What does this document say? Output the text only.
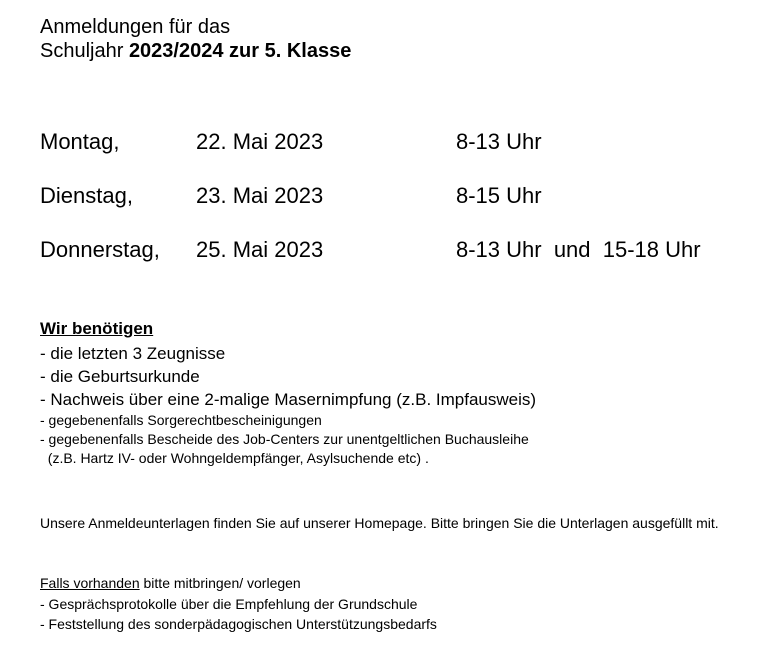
Anmeldungen für das
Schuljahr 2023/2024 zur 5. Klasse
Montag,	22. Mai 2023	8-13 Uhr
Dienstag,	23. Mai 2023	8-15 Uhr
Donnerstag, 25. Mai 2023	8-13 Uhr  und  15-18 Uhr
Wir benötigen
- die letzten 3 Zeugnisse
- die Geburtsurkunde
- Nachweis über eine 2-malige Masernimpfung (z.B. Impfausweis)
- gegebenenfalls Sorgerechtbescheinigungen
- gegebenenfalls Bescheide des Job-Centers zur unentgeltlichen Buchausleihe
(z.B. Hartz IV- oder Wohngeldempfänger, Asylsuchende etc) .
Unsere Anmeldeunterlagen finden Sie auf unserer Homepage. Bitte bringen Sie die Unterlagen ausgefüllt mit.
Falls vorhanden bitte mitbringen/ vorlegen
- Gesprächsprotokolle über die Empfehlung der Grundschule
- Feststellung des sonderpädagogischen Unterstützungsbedarfs
